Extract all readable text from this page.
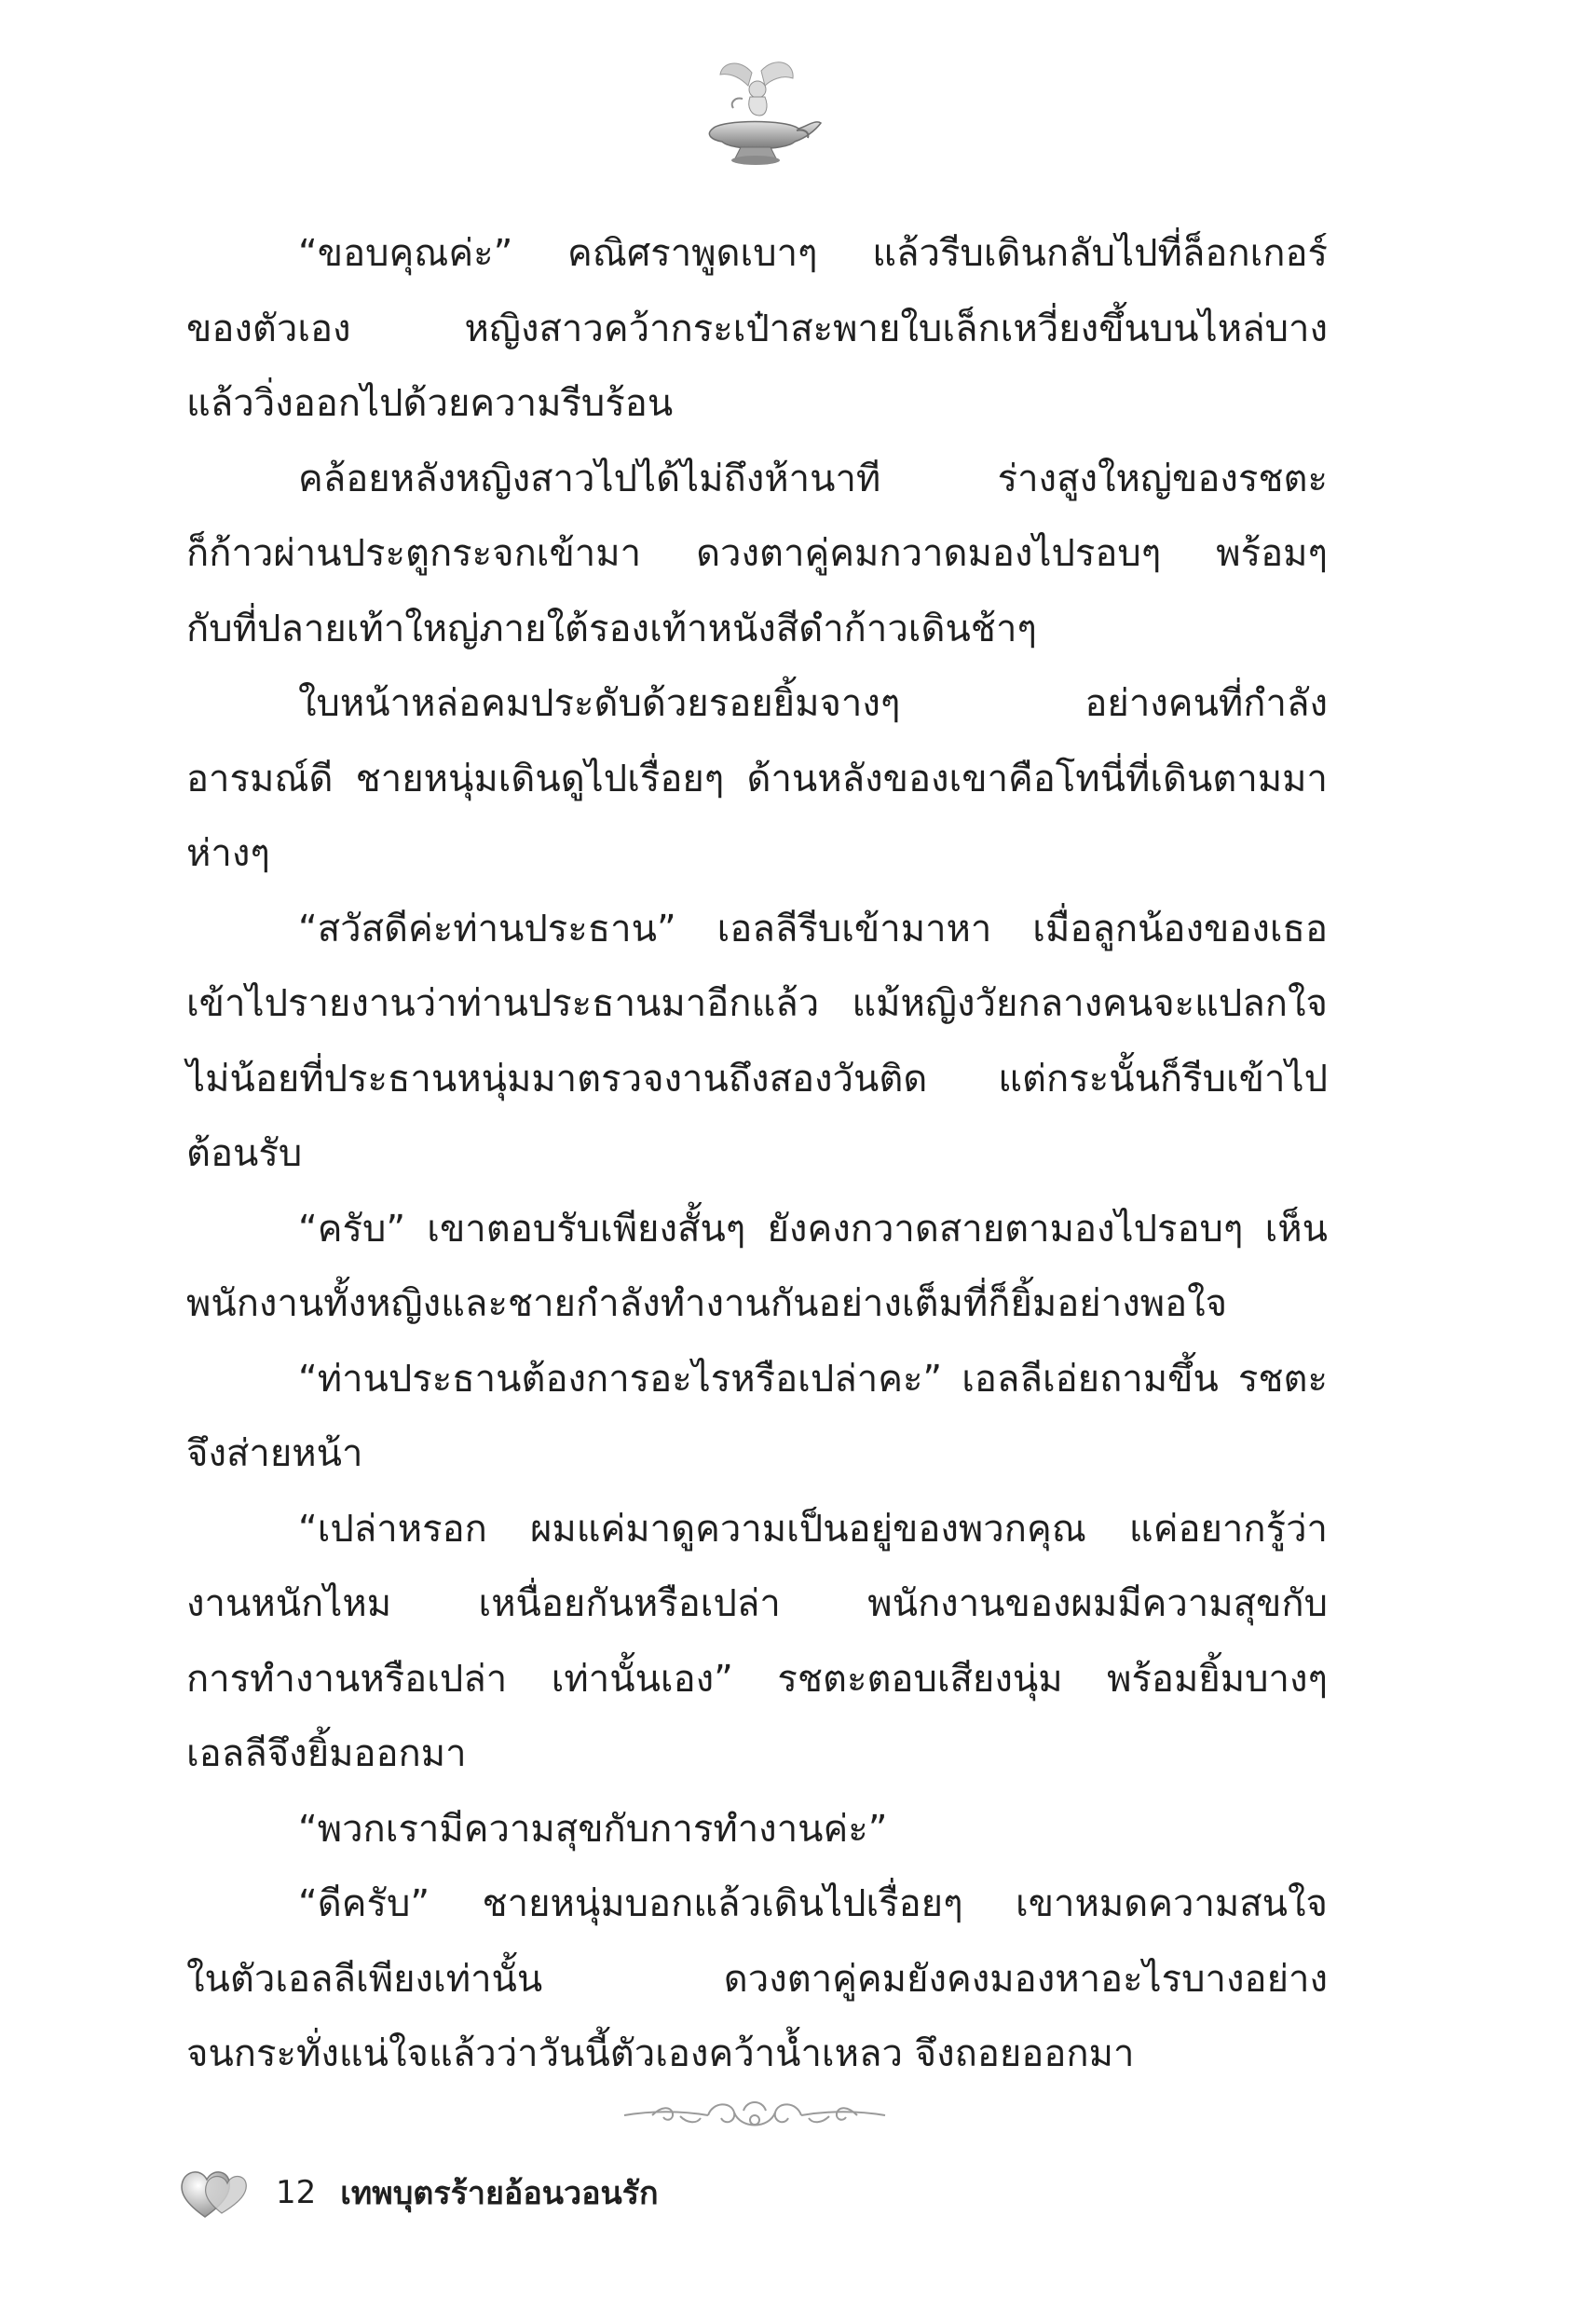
“ขอบคุณค่ะ” คณิศราพูดเบาๆ แล้วรีบเดินกลับไปที่ล็อกเกอร์
ของตัวเอง หญิงสาวคว้ากระเป๋าสะพายใบเล็กเหวี่ยงขึ้นบนไหล่บาง
แล้ววิ่งออกไปด้วยความรีบร้อน

คล้อยหลังหญิงสาวไปได้ไม่ถึงห้านาที ร่างสูงใหญ่ของรชตะ
ก็ก้าวผ่านประตูกระจกเข้ามา ดวงตาคู่คมกวาดมองไปรอบๆ พร้อมๆ
กับที่ปลายเท้าใหญ่ภายใต้รองเท้าหนังสีดำก้าวเดินช้าๆ

ใบหน้าหล่อคมประดับด้วยรอยยิ้มจางๆ อย่างคนที่กำลัง
อารมณ์ดี ชายหนุ่มเดินดูไปเรื่อยๆ ด้านหลังของเขาคือโทนี่ที่เดินตามมา
ห่างๆ

“สวัสดีค่ะท่านประธาน” เอลลีรีบเข้ามาหา เมื่อลูกน้องของเธอ
เข้าไปรายงานว่าท่านประธานมาอีกแล้ว แม้หญิงวัยกลางคนจะแปลกใจ
ไม่น้อยที่ประธานหนุ่มมาตรวจงานถึงสองวันติด แต่กระนั้นก็รีบเข้าไป
ต้อนรับ

“ครับ” เขาตอบรับเพียงสั้นๆ ยังคงกวาดสายตามองไปรอบๆ เห็น
พนักงานทั้งหญิงและชายกำลังทำงานกันอย่างเต็มที่ก็ยิ้มอย่างพอใจ

“ท่านประธานต้องการอะไรหรือเปล่าคะ” เอลลีเอ่ยถามขึ้น รชตะ
จึงส่ายหน้า

“เปล่าหรอก ผมแค่มาดูความเป็นอยู่ของพวกคุณ แค่อยากรู้ว่า
งานหนักไหม เหนื่อยกันหรือเปล่า พนักงานของผมมีความสุขกับ
การทำงานหรือเปล่า เท่านั้นเอง” รชตะตอบเสียงนุ่ม พร้อมยิ้มบางๆ
เอลลีจึงยิ้มออกมา

“พวกเรามีความสุขกับการทำงานค่ะ”

“ดีครับ” ชายหนุ่มบอกแล้วเดินไปเรื่อยๆ เขาหมดความสนใจ
ในตัวเอลลีเพียงเท่านั้น ดวงตาคู่คมยังคงมองหาอะไรบางอย่าง
จนกระทั่งแน่ใจแล้วว่าวันนี้ตัวเองคว้าน้ำเหลว จึงถอยออกมา

12 เทพบุตรร้ายอ้อนวอนรัก
